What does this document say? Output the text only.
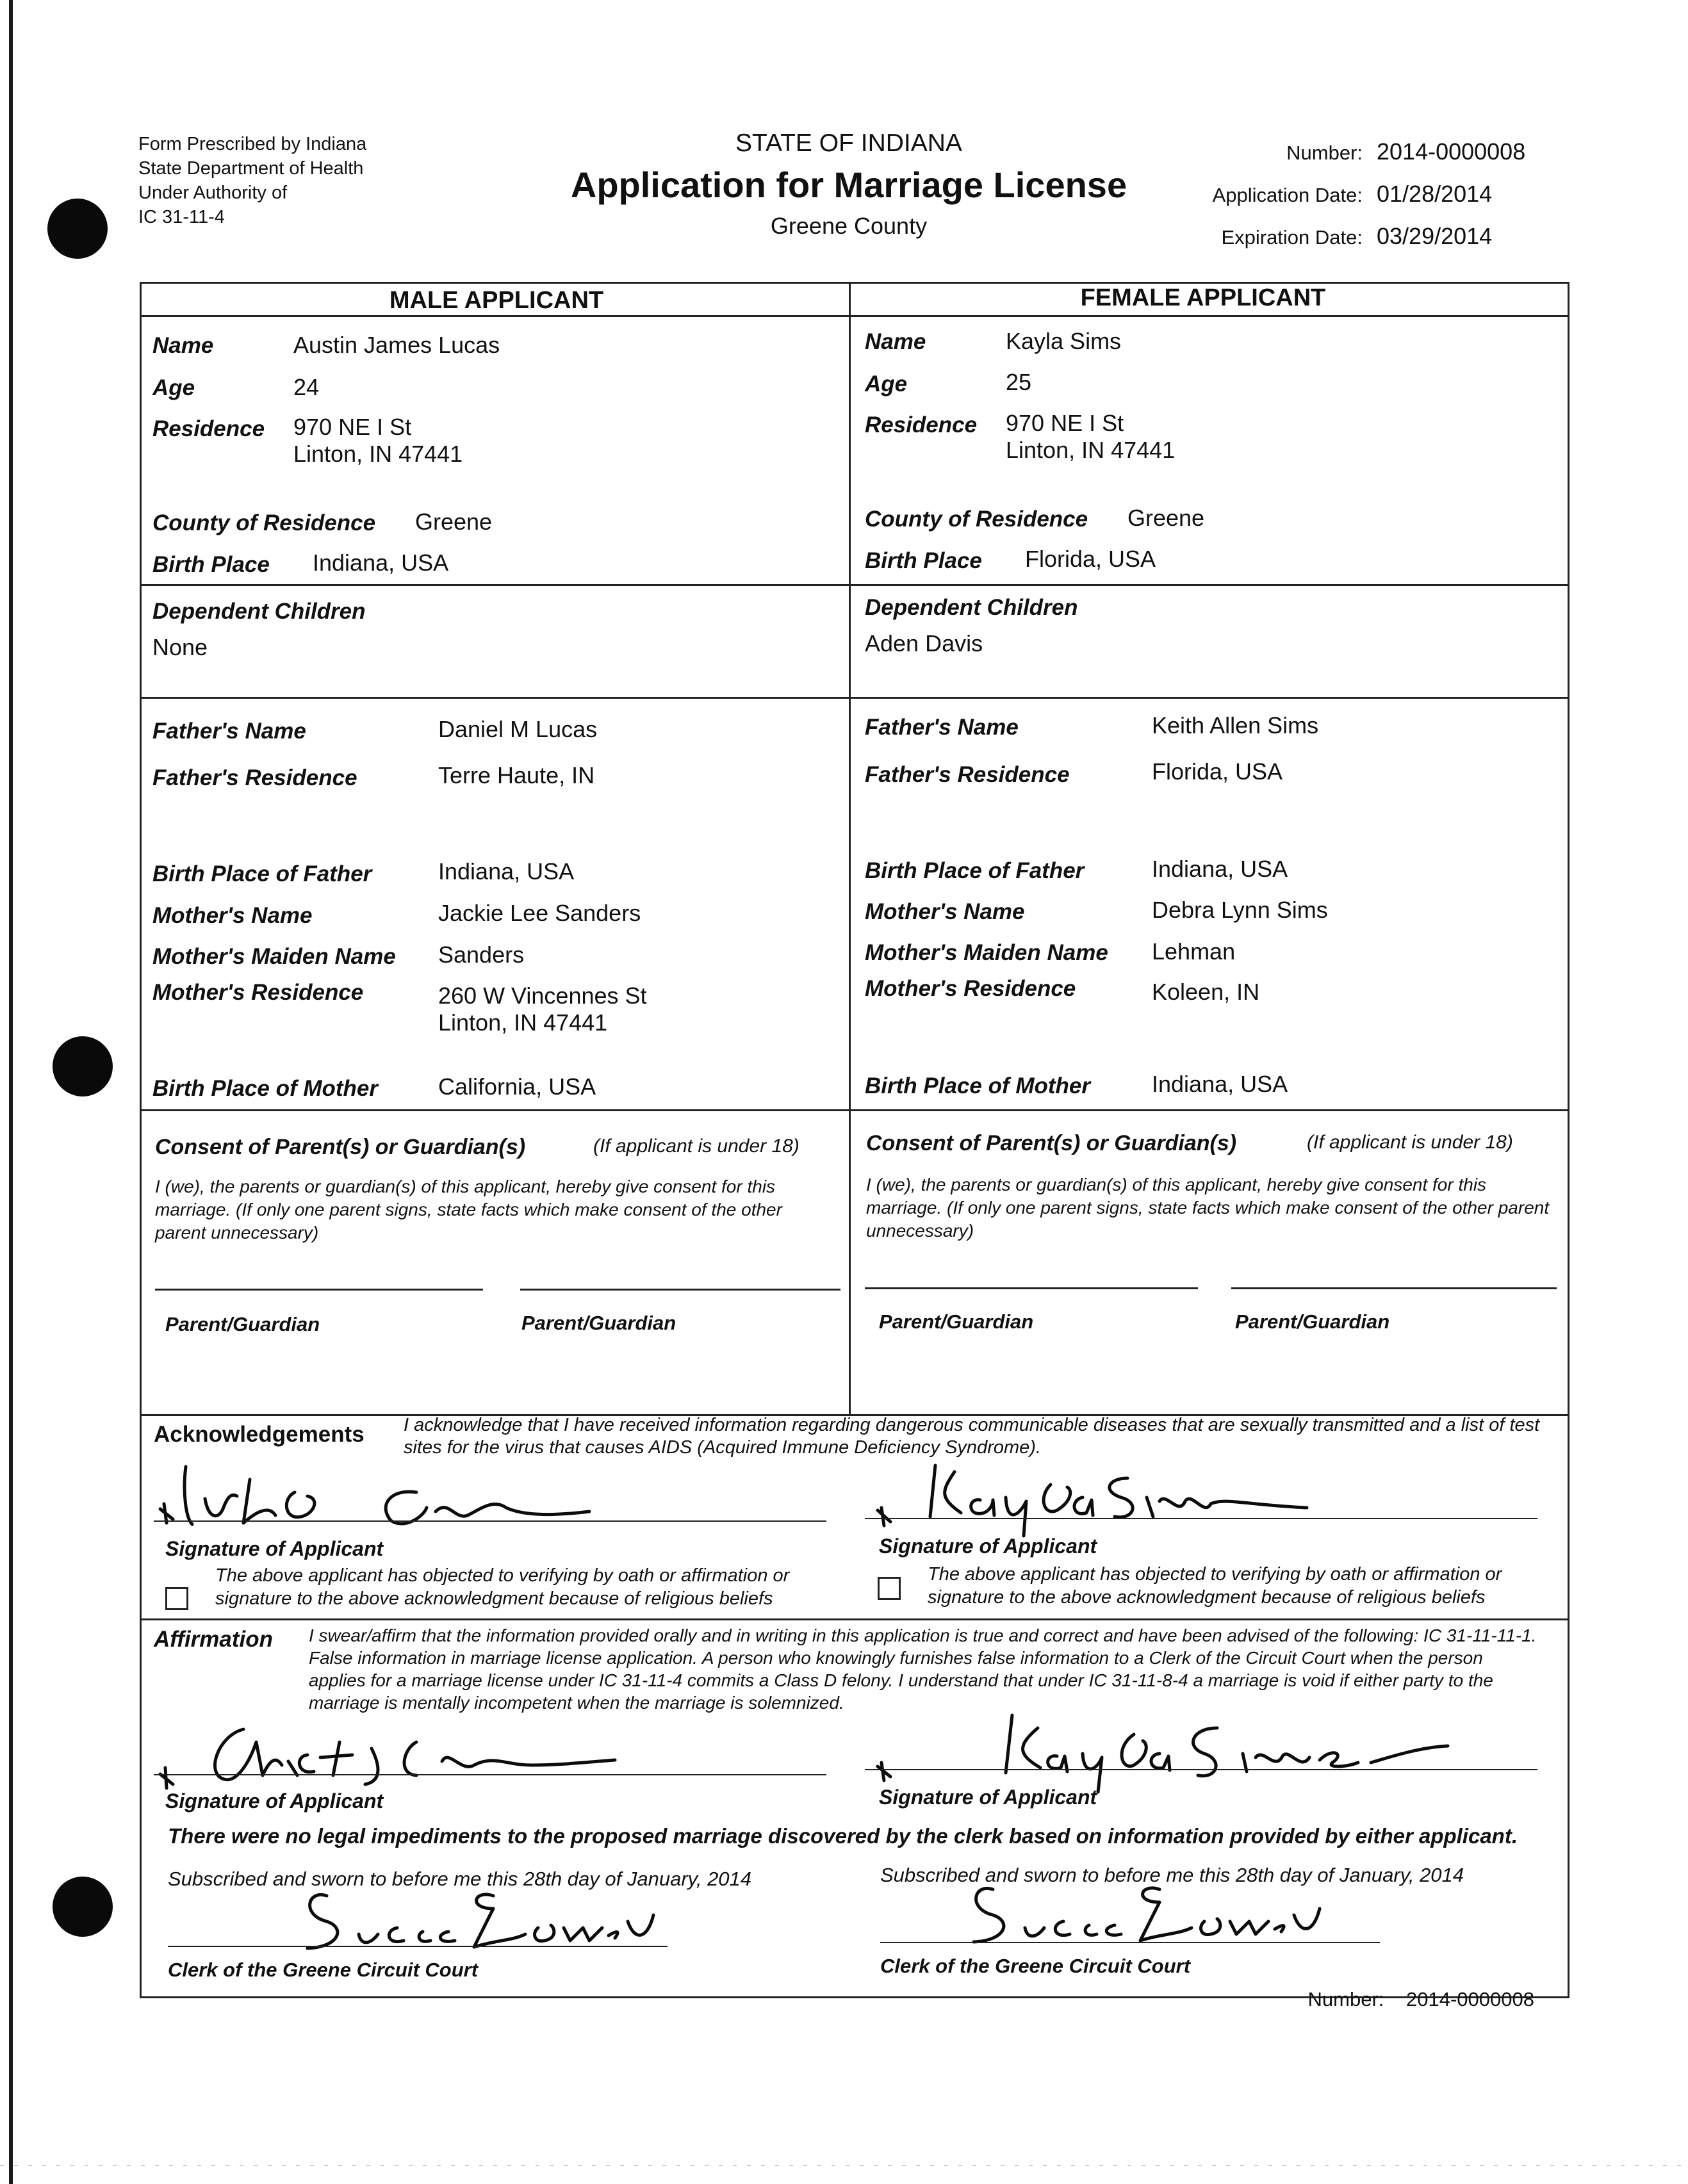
Form Prescribed by Indiana
State Department of Health
Under Authority of
IC 31-11-4
STATE OF INDIANA
Application for Marriage License
Greene County
Number: 2014-0000008
Application Date: 01/28/2014
Expiration Date: 03/29/2014
MALE APPLICANT	FEMALE APPLICANT
Name	Austin James Lucas
Age	24
Residence 970 NE I St
Linton, IN 47441
County of Residence Greene
Birth Place Indiana, USA
Dependent Children
None
Father's Name	Daniel M Lucas
Father's Residence	Terre Haute, IN
Birth Place of Father	Indiana, USA
Mother's Name	Jackie Lee Sanders
Mother's Maiden Name Sanders
Mother's Residence	260 W Vincennes St
Linton, IN 47441
Birth Place of Mother	California, USA
Name	Kayla Sims
Age	25
Residence 970 NE I St
Linton, IN 47441
County of Residence Greene
Birth Place Florida, USA
Dependent Children
Aden Davis
Father's Name	Keith Allen Sims
Father's Residence	Florida, USA
Birth Place of Father	Indiana, USA
Mother's Name	Debra Lynn Sims
Mother's Maiden Name Lehman
Mother's Residence	Koleen, IN
Birth Place of Mother	Indiana, USA
Consent of Parent(s) or Guardian(s)	(If applicant is under 18)
I (we), the parents or guardian(s) of this applicant, hereby give consent for this marriage. (If only one parent signs, state facts which make consent of the other parent unnecessary)
Parent/Guardian	Parent/Guardian
Consent of Parent(s) or Guardian(s)	(If applicant is under 18)
I (we), the parents or guardian(s) of this applicant, hereby give consent for this marriage. (If only one parent signs, state facts which make consent of the other parent unnecessary)
Parent/Guardian	Parent/Guardian
Acknowledgements I acknowledge that I have received information regarding dangerous communicable diseases that are sexually transmitted and a list of test sites for the virus that causes AIDS (Acquired Immune Deficiency Syndrome).
Signature of Applicant
The above applicant has objected to verifying by oath or affirmation or signature to the above acknowledgment because of religious beliefs
Signature of Applicant
The above applicant has objected to verifying by oath or affirmation or signature to the above acknowledgment because of religious beliefs
Affirmation I swear/affirm that the information provided orally and in writing in this application is true and correct and have been advised of the following: IC 31-11-11-1. False information in marriage license application. A person who knowingly furnishes false information to a Clerk of the Circuit Court when the person applies for a marriage license under IC 31-11-4 commits a Class D felony. I understand that under IC 31-11-8-4 a marriage is void if either party to the marriage is mentally incompetent when the marriage is solemnized.
Signature of Applicant	Signature of Applicant
There were no legal impediments to the proposed marriage discovered by the clerk based on information provided by either applicant.
Subscribed and sworn to before me this 28th day of January, 2014
Clerk of the Greene Circuit Court
Subscribed and sworn to before me this 28th day of January, 2014
Clerk of the Greene Circuit Court
Number: 2014-0000008
